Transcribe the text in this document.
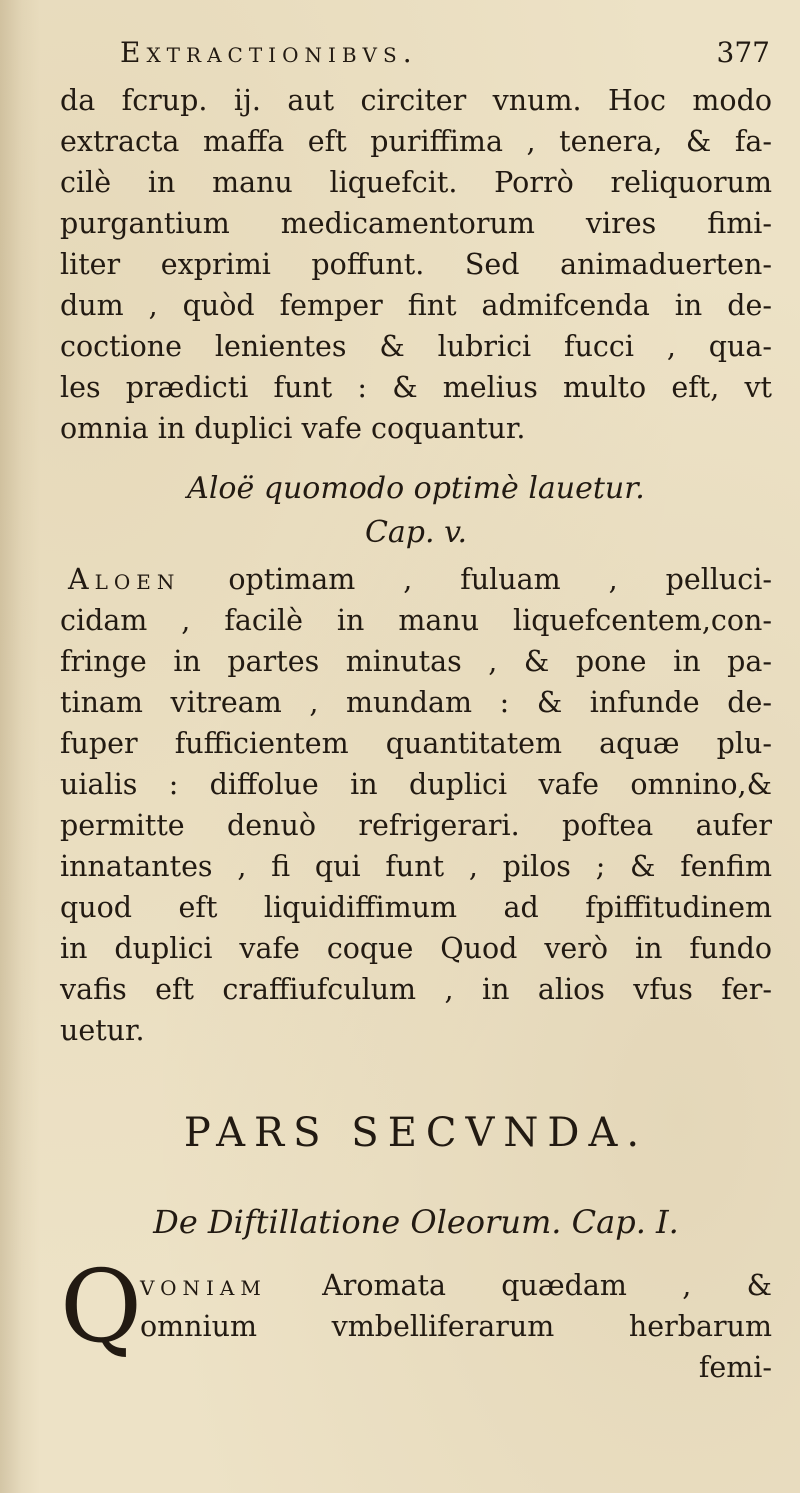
Extractionibvs.	377
da fcrup. ij. aut circiter vnum. Hoc modo
extracta maffa eft puriffima , tenera, & fa-
cilè in manu liquefcit. Porrò reliquorum
purgantium medicamentorum vires fimi-
liter exprimi poffunt. Sed animaduerten-
dum , quòd femper fint admifcenda in de-
coctione lenientes & lubrici fucci , qua-
les prædicti funt : & melius multo eft, vt
omnia in duplici vafe coquantur.
Aloë quomodo optimè lauetur.
Cap. v.
Aloen optimam , fuluam , pelluci-
cidam , facilè in manu liquefcentem,con-
fringe in partes minutas , & pone in pa-
tinam vitream , mundam : & infunde de-
fuper fufficientem quantitatem aquæ plu-
uialis : diffolue in duplici vafe omnino,&
permitte denuò refrigerari. poftea aufer
innatantes , fi qui funt , pilos ; & fenfim
quod eft liquidiffimum ad fpiffitudinem
in duplici vafe coque Quod verò in fundo
vafis eft craffiufculum , in alios vfus fer-
uetur.
PARS SECVNDA.
De Diftillatione Oleorum. Cap. I.
Q
voniam Aromata quædam , &
omnium vmbelliferarum herbarum
femi-
